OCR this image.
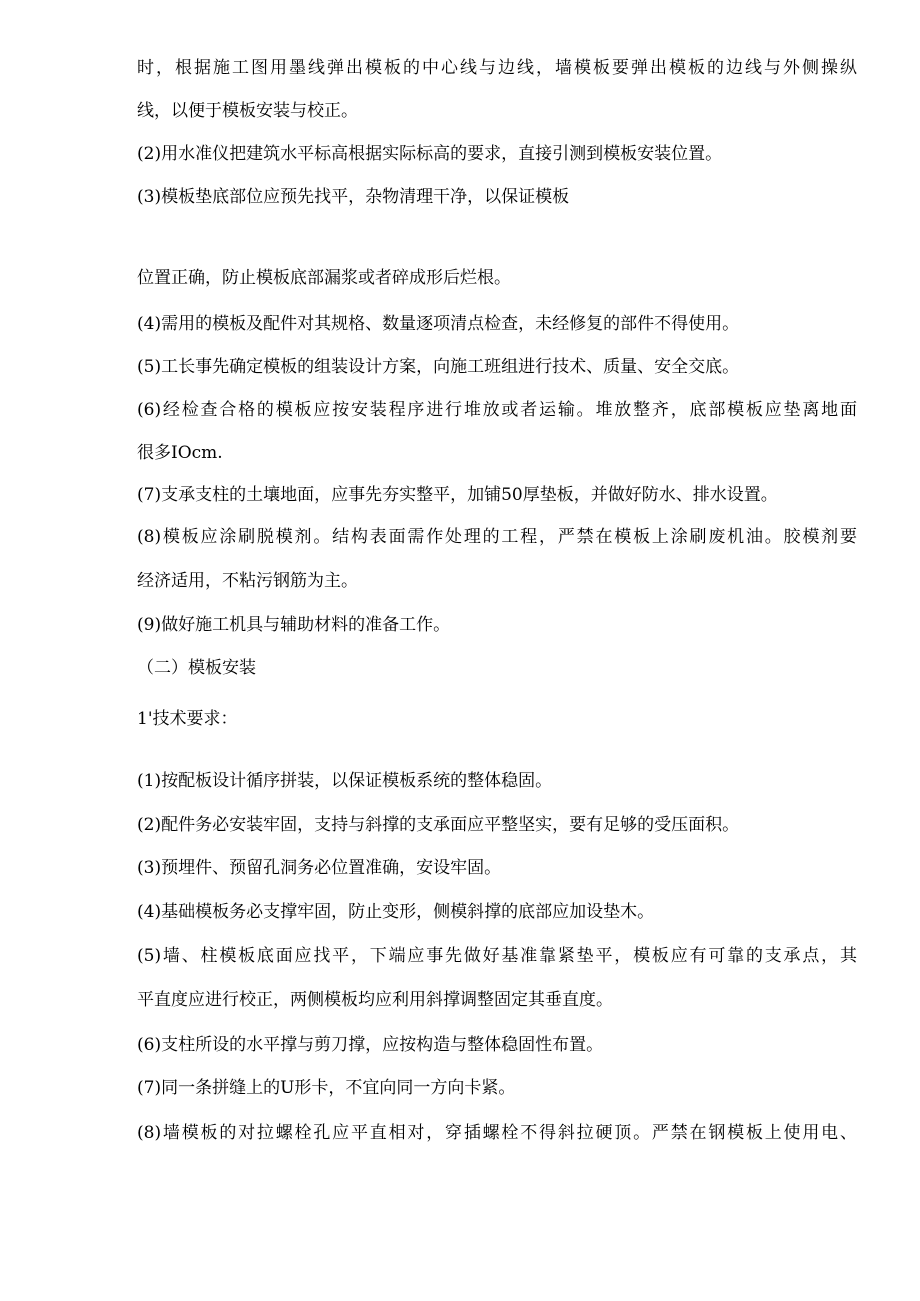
时，根据施工图用墨线弹出模板的中心线与边线，墙模板要弹出模板的边线与外侧操纵
线，以便于模板安装与校正。
(2)用水准仪把建筑水平标高根据实际标高的要求，直接引测到模板安装位置。
(3)模板垫底部位应预先找平，杂物清理干净，以保证模板
位置正确，防止模板底部漏浆或者碎成形后烂根。
(4)需用的模板及配件对其规格、数量逐项清点检查，未经修复的部件不得使用。
(5)工长事先确定模板的组装设计方案，向施工班组进行技术、质量、安全交底。
(6)经检查合格的模板应按安装程序进行堆放或者运输。堆放整齐，底部模板应垫离地面
很多IOcm.
(7)支承支柱的土壤地面，应事先夯实整平，加铺50厚垫板，并做好防水、排水设置。
(8)模板应涂刷脱模剂。结构表面需作处理的工程，严禁在模板上涂刷废机油。胶模剂要
经济适用，不粘污钢筋为主。
(9)做好施工机具与辅助材料的准备工作。
（二）模板安装
1'技术要求：
(1)按配板设计循序拼装，以保证模板系统的整体稳固。
(2)配件务必安装牢固，支持与斜撑的支承面应平整坚实，要有足够的受压面积。
(3)预埋件、预留孔洞务必位置准确，安设牢固。
(4)基础模板务必支撑牢固，防止变形，侧模斜撑的底部应加设垫木。
(5)墙、柱模板底面应找平，下端应事先做好基准靠紧垫平，模板应有可靠的支承点，其
平直度应进行校正，两侧模板均应利用斜撑调整固定其垂直度。
(6)支柱所设的水平撑与剪刀撑，应按构造与整体稳固性布置。
(7)同一条拼缝上的U形卡，不宜向同一方向卡紧。
(8)墙模板的对拉螺栓孔应平直相对，穿插螺栓不得斜拉硬顶。严禁在钢模板上使用电、
